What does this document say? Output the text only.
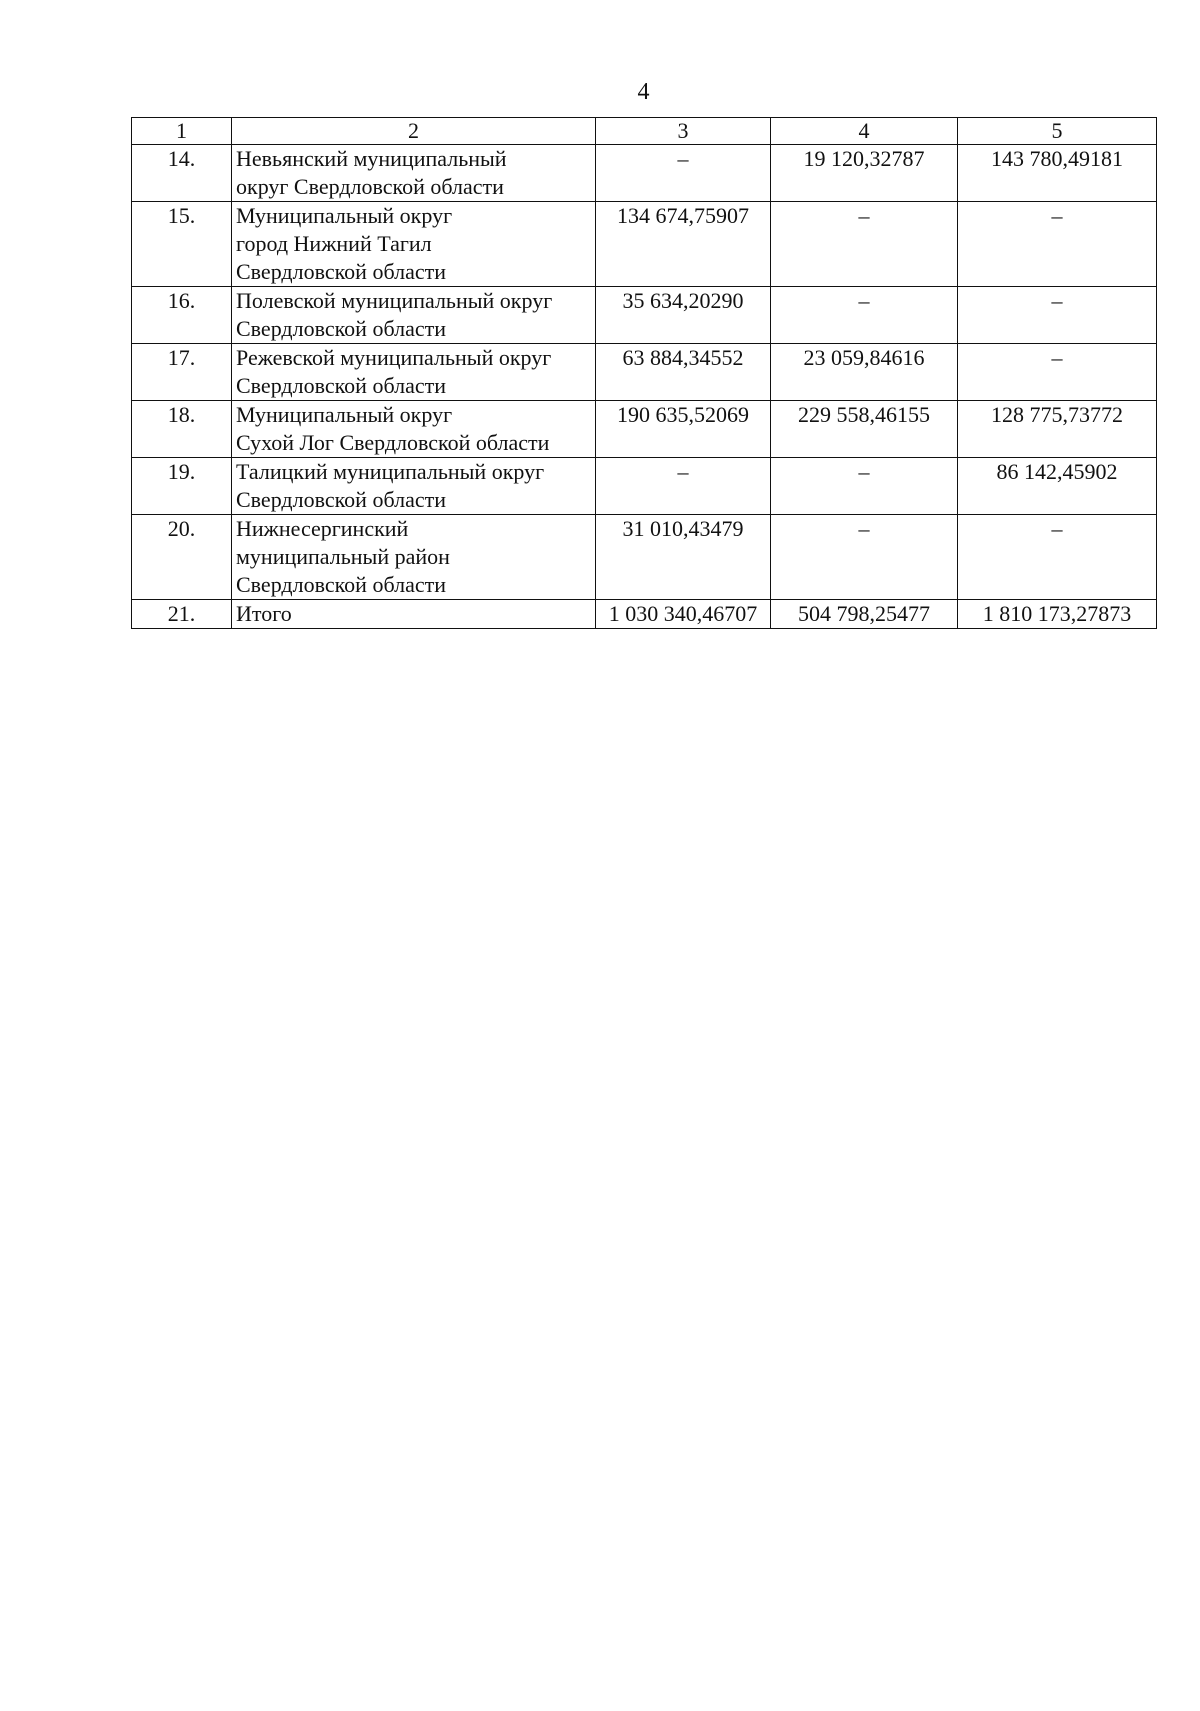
4
1	2	3	4	5
14.	Невьянский муниципальный
округ Свердловской области	–	19 120,32787	143 780,49181
15.	Муниципальный округ
город Нижний Тагил
Свердловской области	134 674,75907	–	–
16.	Полевской муниципальный округ
Свердловской области	35 634,20290	–	–
17.	Режевской муниципальный округ
Свердловской области	63 884,34552	23 059,84616	–
18.	Муниципальный округ
Сухой Лог Свердловской области	190 635,52069	229 558,46155	128 775,73772
19.	Талицкий муниципальный округ
Свердловской области	–	–	86 142,45902
20.	Нижнесергинский
муниципальный район
Свердловской области	31 010,43479	–	–
21.	Итого	1 030 340,46707	504 798,25477	1 810 173,27873
